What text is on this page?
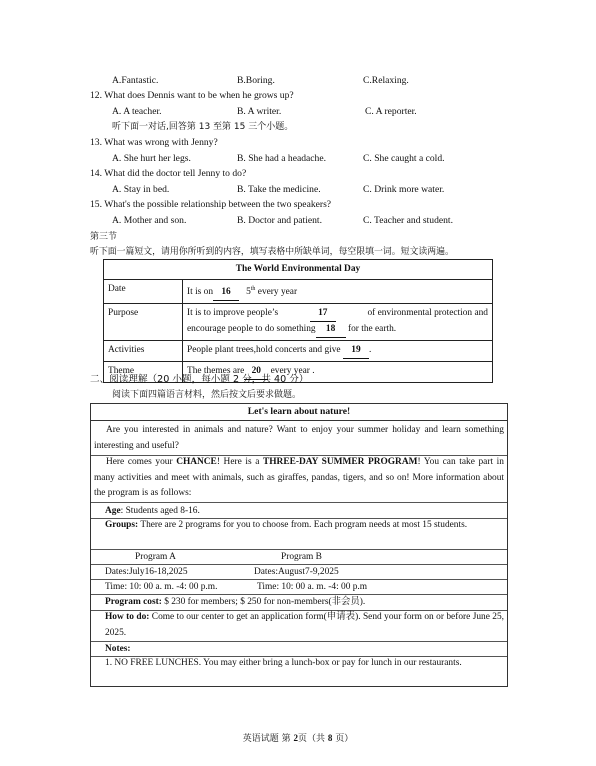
A.Fantastic.	B.Boring.	C.Relaxing.
12. What does Dennis want to be when he grows up?
A. A teacher.	B. A writer.	C. A reporter.
听下面一对话,回答第 13 至第 15 三个小题。
13. What was wrong with Jenny?
A. She hurt her legs.	B. She had a headache.	C. She caught a cold.
14. What did the doctor tell Jenny to do?
A. Stay in bed.	B. Take the medicine.	C. Drink more water.
15. What's the possible relationship between the two speakers?
A. Mother and son.	B. Doctor and patient.	C. Teacher and student.
第三节
听下面一篇短文，请用你所听到的内容，填写表格中所缺单词，每空限填一词。短文读两遍。
The World Environmental Day	
Date	It is on 16 5th every year
Purpose	It is to improve people’s 17 of environmental protection and
encourage people to do something 18 for the earth.

Activities	People plant trees,hold concerts and give 19 .
Theme	The themes are 20 every year .
二、阅读理解（20 小题，每小题 2 分，共 40 分）
阅读下面四篇语言材料，然后按文后要求做题。
Let's learn about nature!
Are you interested in animals and nature? Want to enjoy your summer holiday and learn something interesting and useful?
Here comes your CHANCE! Here is a THREE-DAY SUMMER PROGRAM! You can take part in many activities and meet with animals, such as giraffes, pandas, tigers, and so on! More information about the program is as follows:
Age: Students aged 8-16.
Groups: There are 2 programs for you to choose from. Each program needs at most 15 students.
Program A	Program B
Dates:July16-18,2025	Dates:August7-9,2025
Time: 10: 00 a. m. -4: 00 p.m.	Time: 10: 00 a. m. -4: 00 p.m
Program cost: $ 230 for members; $ 250 for non-members(非会员).
How to do: Come to our center to get an application form(申请表). Send your form on or before June 25, 2025.
Notes:
1. NO FREE LUNCHES. You may either bring a lunch-box or pay for lunch in our restaurants.
英语试题 第 2页（共 8 页）
